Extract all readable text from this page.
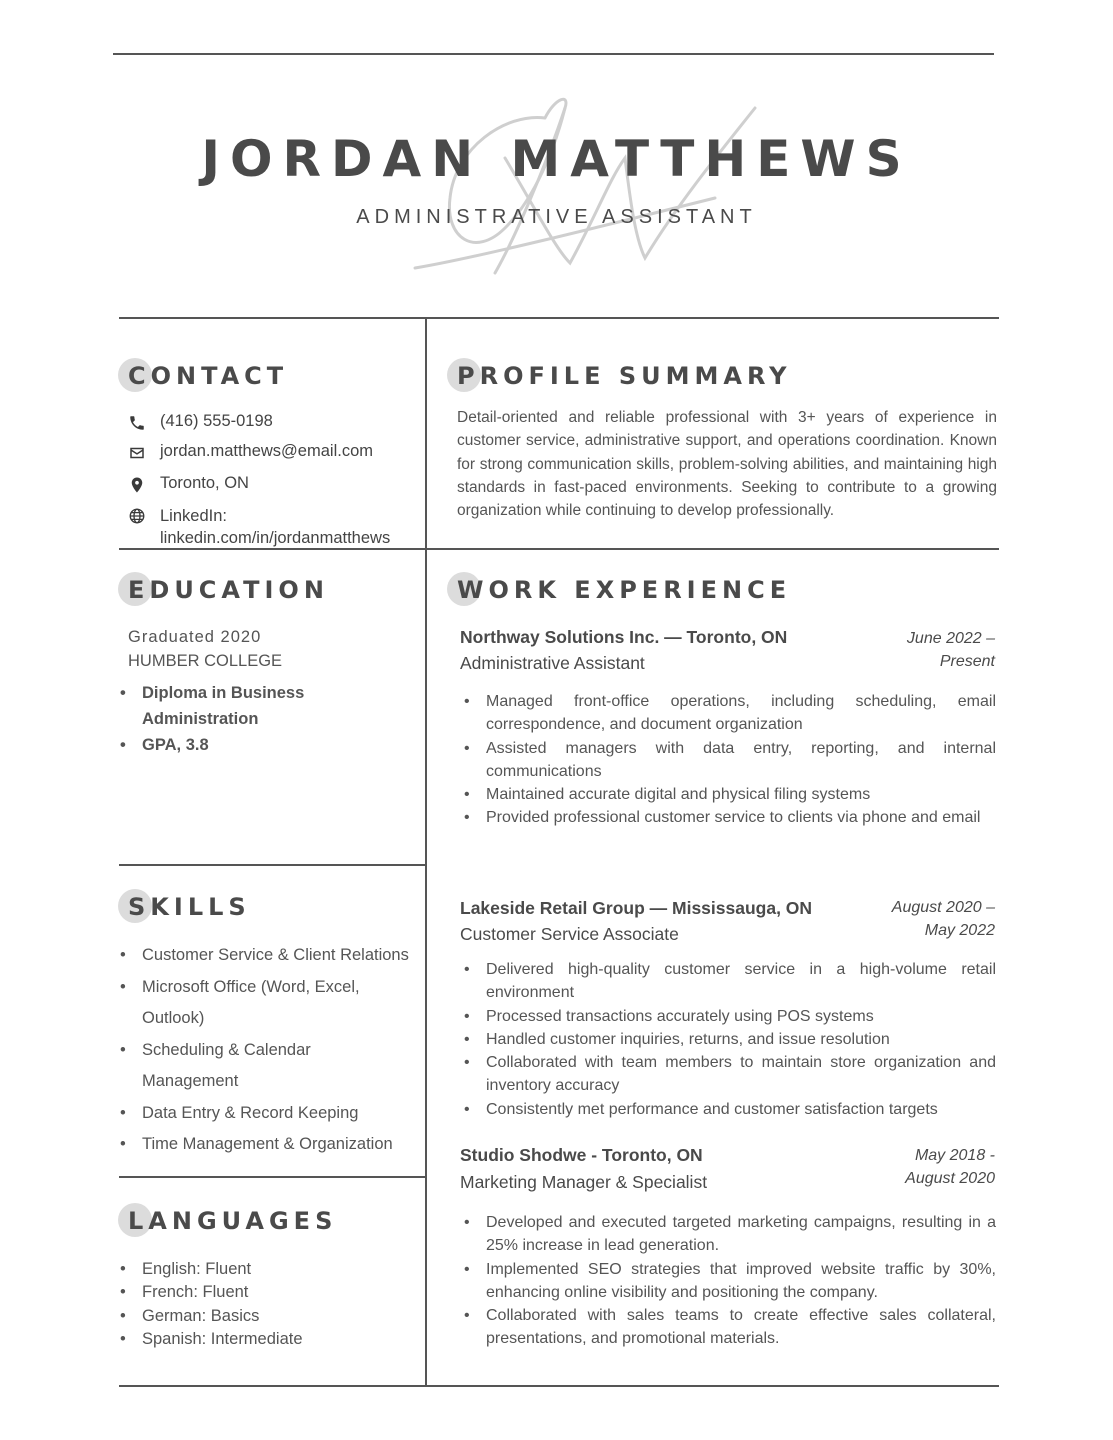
JORDAN MATTHEWS
ADMINISTRATIVE ASSISTANT
CONTACT
(416) 555-0198
jordan.matthews@email.com
Toronto, ON
LinkedIn:
linkedin.com/in/jordanmatthews
PROFILE SUMMARY
Detail-oriented and reliable professional with 3+ years of experience in customer service, administrative support, and operations coordination. Known for strong communication skills, problem-solving abilities, and maintaining high standards in fast-paced environments. Seeking to contribute to a growing organization while continuing to develop professionally.
EDUCATION
Graduated 2020
HUMBER COLLEGE
• Diploma in Business Administration
• GPA, 3.8
SKILLS
• Customer Service & Client Relations
• Microsoft Office (Word, Excel, Outlook)
• Scheduling & Calendar Management
• Data Entry & Record Keeping
• Time Management & Organization
LANGUAGES
• English: Fluent
• French: Fluent
• German: Basics
• Spanish: Intermediate
WORK EXPERIENCE
Northway Solutions Inc. — Toronto, ON
Administrative Assistant
June 2022 –
Present
• Managed front-office operations, including scheduling, email correspondence, and document organization
• Assisted managers with data entry, reporting, and internal communications
• Maintained accurate digital and physical filing systems
• Provided professional customer service to clients via phone and email
Lakeside Retail Group — Mississauga, ON
Customer Service Associate
August 2020 –
May 2022
• Delivered high-quality customer service in a high-volume retail environment
• Processed transactions accurately using POS systems
• Handled customer inquiries, returns, and issue resolution
• Collaborated with team members to maintain store organization and inventory accuracy
• Consistently met performance and customer satisfaction targets
Studio Shodwe - Toronto, ON
Marketing Manager & Specialist
May 2018 -
August 2020
• Developed and executed targeted marketing campaigns, resulting in a 25% increase in lead generation.
• Implemented SEO strategies that improved website traffic by 30%, enhancing online visibility and positioning the company.
• Collaborated with sales teams to create effective sales collateral, presentations, and promotional materials.
